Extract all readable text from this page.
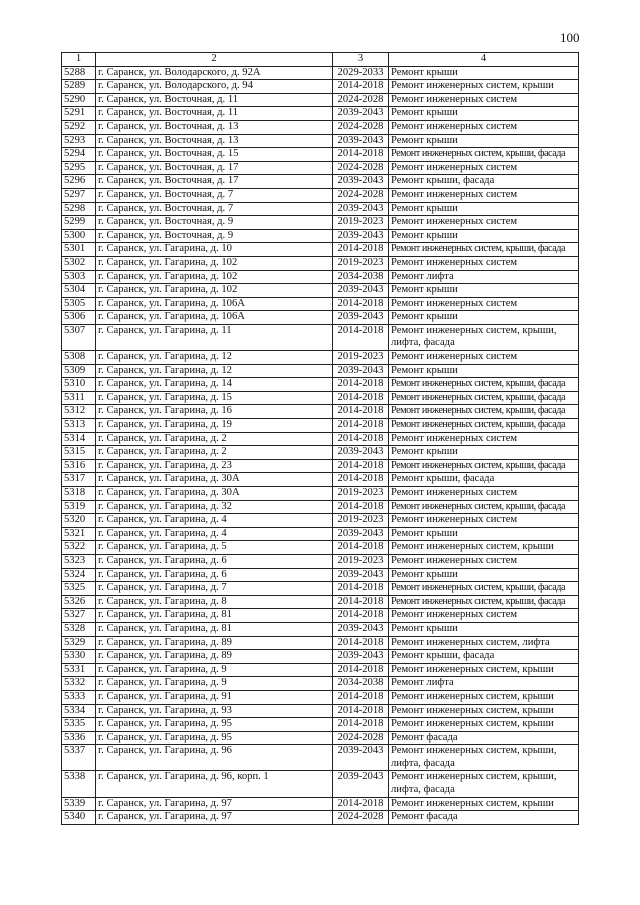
100
1	2	3	4
5288	г. Саранск, ул. Володарского, д. 92А	2029-2033	Ремонт крыши
5289	г. Саранск, ул. Володарского, д. 94	2014-2018	Ремонт инженерных систем, крыши
5290	г. Саранск, ул. Восточная, д. 11	2024-2028	Ремонт инженерных систем
5291	г. Саранск, ул. Восточная, д. 11	2039-2043	Ремонт крыши
5292	г. Саранск, ул. Восточная, д. 13	2024-2028	Ремонт инженерных систем
5293	г. Саранск, ул. Восточная, д. 13	2039-2043	Ремонт крыши
5294	г. Саранск, ул. Восточная, д. 15	2014-2018	Ремонт инженерных систем, крыши, фасада
5295	г. Саранск, ул. Восточная, д. 17	2024-2028	Ремонт инженерных систем
5296	г. Саранск, ул. Восточная, д. 17	2039-2043	Ремонт крыши, фасада
5297	г. Саранск, ул. Восточная, д. 7	2024-2028	Ремонт инженерных систем
5298	г. Саранск, ул. Восточная, д. 7	2039-2043	Ремонт крыши
5299	г. Саранск, ул. Восточная, д. 9	2019-2023	Ремонт инженерных систем
5300	г. Саранск, ул. Восточная, д. 9	2039-2043	Ремонт крыши
5301	г. Саранск, ул. Гагарина, д. 10	2014-2018	Ремонт инженерных систем, крыши, фасада
5302	г. Саранск, ул. Гагарина, д. 102	2019-2023	Ремонт инженерных систем
5303	г. Саранск, ул. Гагарина, д. 102	2034-2038	Ремонт лифта
5304	г. Саранск, ул. Гагарина, д. 102	2039-2043	Ремонт крыши
5305	г. Саранск, ул. Гагарина, д. 106А	2014-2018	Ремонт инженерных систем
5306	г. Саранск, ул. Гагарина, д. 106А	2039-2043	Ремонт крыши
5307	г. Саранск, ул. Гагарина, д. 11	2014-2018	Ремонт инженерных систем, крыши, лифта, фасада
5308	г. Саранск, ул. Гагарина, д. 12	2019-2023	Ремонт инженерных систем
5309	г. Саранск, ул. Гагарина, д. 12	2039-2043	Ремонт крыши
5310	г. Саранск, ул. Гагарина, д. 14	2014-2018	Ремонт инженерных систем, крыши, фасада
5311	г. Саранск, ул. Гагарина, д. 15	2014-2018	Ремонт инженерных систем, крыши, фасада
5312	г. Саранск, ул. Гагарина, д. 16	2014-2018	Ремонт инженерных систем, крыши, фасада
5313	г. Саранск, ул. Гагарина, д. 19	2014-2018	Ремонт инженерных систем, крыши, фасада
5314	г. Саранск, ул. Гагарина, д. 2	2014-2018	Ремонт инженерных систем
5315	г. Саранск, ул. Гагарина, д. 2	2039-2043	Ремонт крыши
5316	г. Саранск, ул. Гагарина, д. 23	2014-2018	Ремонт инженерных систем, крыши, фасада
5317	г. Саранск, ул. Гагарина, д. 30А	2014-2018	Ремонт крыши, фасада
5318	г. Саранск, ул. Гагарина, д. 30А	2019-2023	Ремонт инженерных систем
5319	г. Саранск, ул. Гагарина, д. 32	2014-2018	Ремонт инженерных систем, крыши, фасада
5320	г. Саранск, ул. Гагарина, д. 4	2019-2023	Ремонт инженерных систем
5321	г. Саранск, ул. Гагарина, д. 4	2039-2043	Ремонт крыши
5322	г. Саранск, ул. Гагарина, д. 5	2014-2018	Ремонт инженерных систем, крыши
5323	г. Саранск, ул. Гагарина, д. 6	2019-2023	Ремонт инженерных систем
5324	г. Саранск, ул. Гагарина, д. 6	2039-2043	Ремонт крыши
5325	г. Саранск, ул. Гагарина, д. 7	2014-2018	Ремонт инженерных систем, крыши, фасада
5326	г. Саранск, ул. Гагарина, д. 8	2014-2018	Ремонт инженерных систем, крыши, фасада
5327	г. Саранск, ул. Гагарина, д. 81	2014-2018	Ремонт инженерных систем
5328	г. Саранск, ул. Гагарина, д. 81	2039-2043	Ремонт крыши
5329	г. Саранск, ул. Гагарина, д. 89	2014-2018	Ремонт инженерных систем, лифта
5330	г. Саранск, ул. Гагарина, д. 89	2039-2043	Ремонт крыши, фасада
5331	г. Саранск, ул. Гагарина, д. 9	2014-2018	Ремонт инженерных систем, крыши
5332	г. Саранск, ул. Гагарина, д. 9	2034-2038	Ремонт лифта
5333	г. Саранск, ул. Гагарина, д. 91	2014-2018	Ремонт инженерных систем, крыши
5334	г. Саранск, ул. Гагарина, д. 93	2014-2018	Ремонт инженерных систем, крыши
5335	г. Саранск, ул. Гагарина, д. 95	2014-2018	Ремонт инженерных систем, крыши
5336	г. Саранск, ул. Гагарина, д. 95	2024-2028	Ремонт фасада
5337	г. Саранск, ул. Гагарина, д. 96	2039-2043	Ремонт инженерных систем, крыши, лифта, фасада
5338	г. Саранск, ул. Гагарина, д. 96, корп. 1	2039-2043	Ремонт инженерных систем, крыши, лифта, фасада
5339	г. Саранск, ул. Гагарина, д. 97	2014-2018	Ремонт инженерных систем, крыши
5340	г. Саранск, ул. Гагарина, д. 97	2024-2028	Ремонт фасада
